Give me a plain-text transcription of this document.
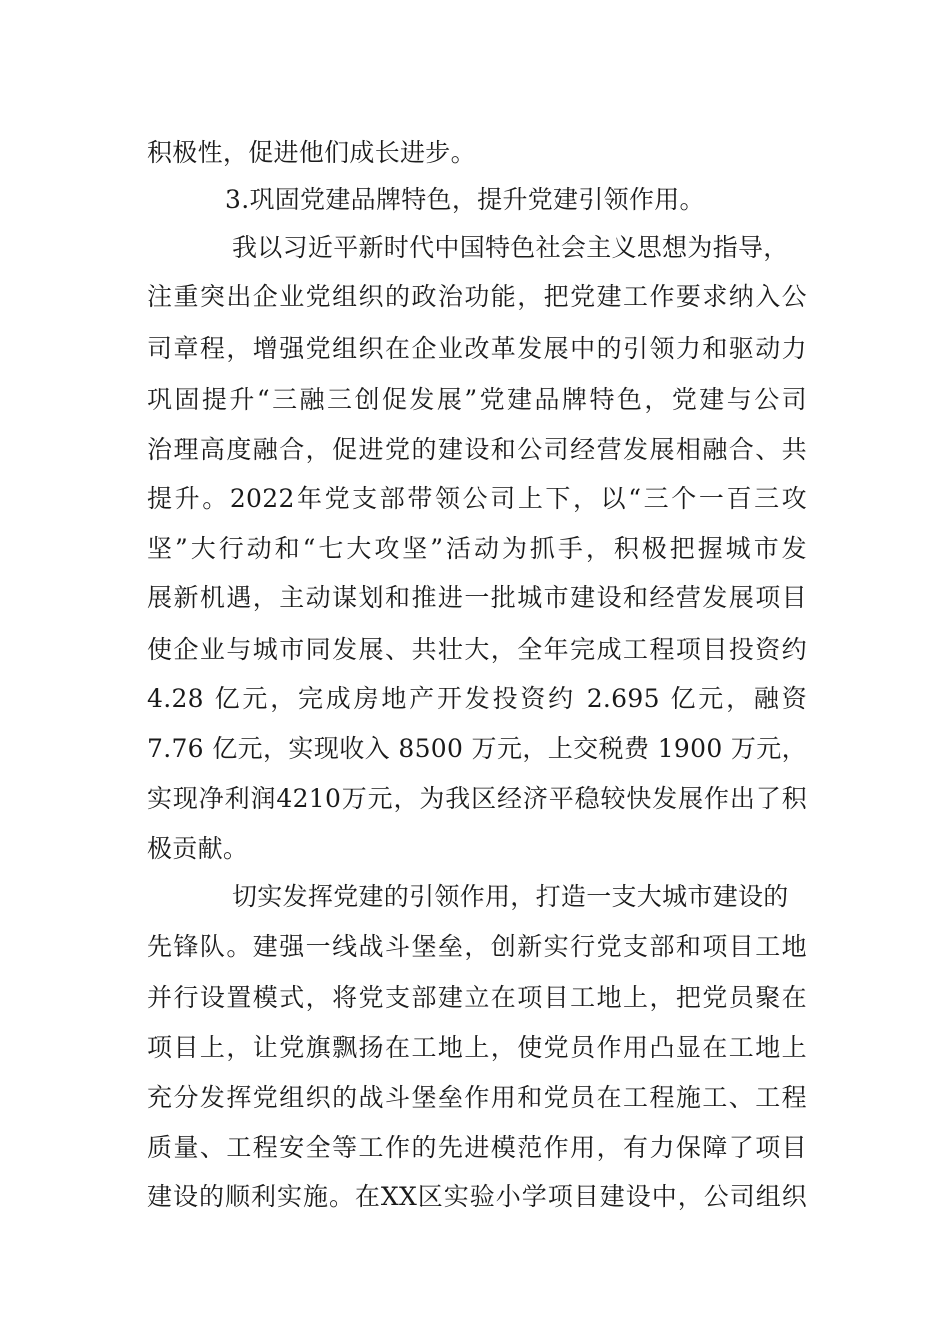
积极性，促进他们成长进步。
3.巩固党建品牌特色，提升党建引领作用。
我以习近平新时代中国特色社会主义思想为指导，
注重突出企业党组织的政治功能，把党建工作要求纳入公
司章程，增强党组织在企业改革发展中的引领力和驱动力
巩固提升“三融三创促发展”党建品牌特色，党建与公司
治理高度融合，促进党的建设和公司经营发展相融合、共
提升。2022年党支部带领公司上下，以“三个一百三攻
坚”大行动和“七大攻坚”活动为抓手，积极把握城市发
展新机遇，主动谋划和推进一批城市建设和经营发展项目
使企业与城市同发展、共壮大，全年完成工程项目投资约
4.28 亿元，完成房地产开发投资约 2.695 亿元，融资
7.76 亿元，实现收入 8500 万元，上交税费 1900 万元，
实现净利润4210万元，为我区经济平稳较快发展作出了积
极贡献。
切实发挥党建的引领作用，打造一支大城市建设的
先锋队。建强一线战斗堡垒，创新实行党支部和项目工地
并行设置模式，将党支部建立在项目工地上，把党员聚在
项目上，让党旗飘扬在工地上，使党员作用凸显在工地上
充分发挥党组织的战斗堡垒作用和党员在工程施工、工程
质量、工程安全等工作的先进模范作用，有力保障了项目
建设的顺利实施。在XX区实验小学项目建设中，公司组织
